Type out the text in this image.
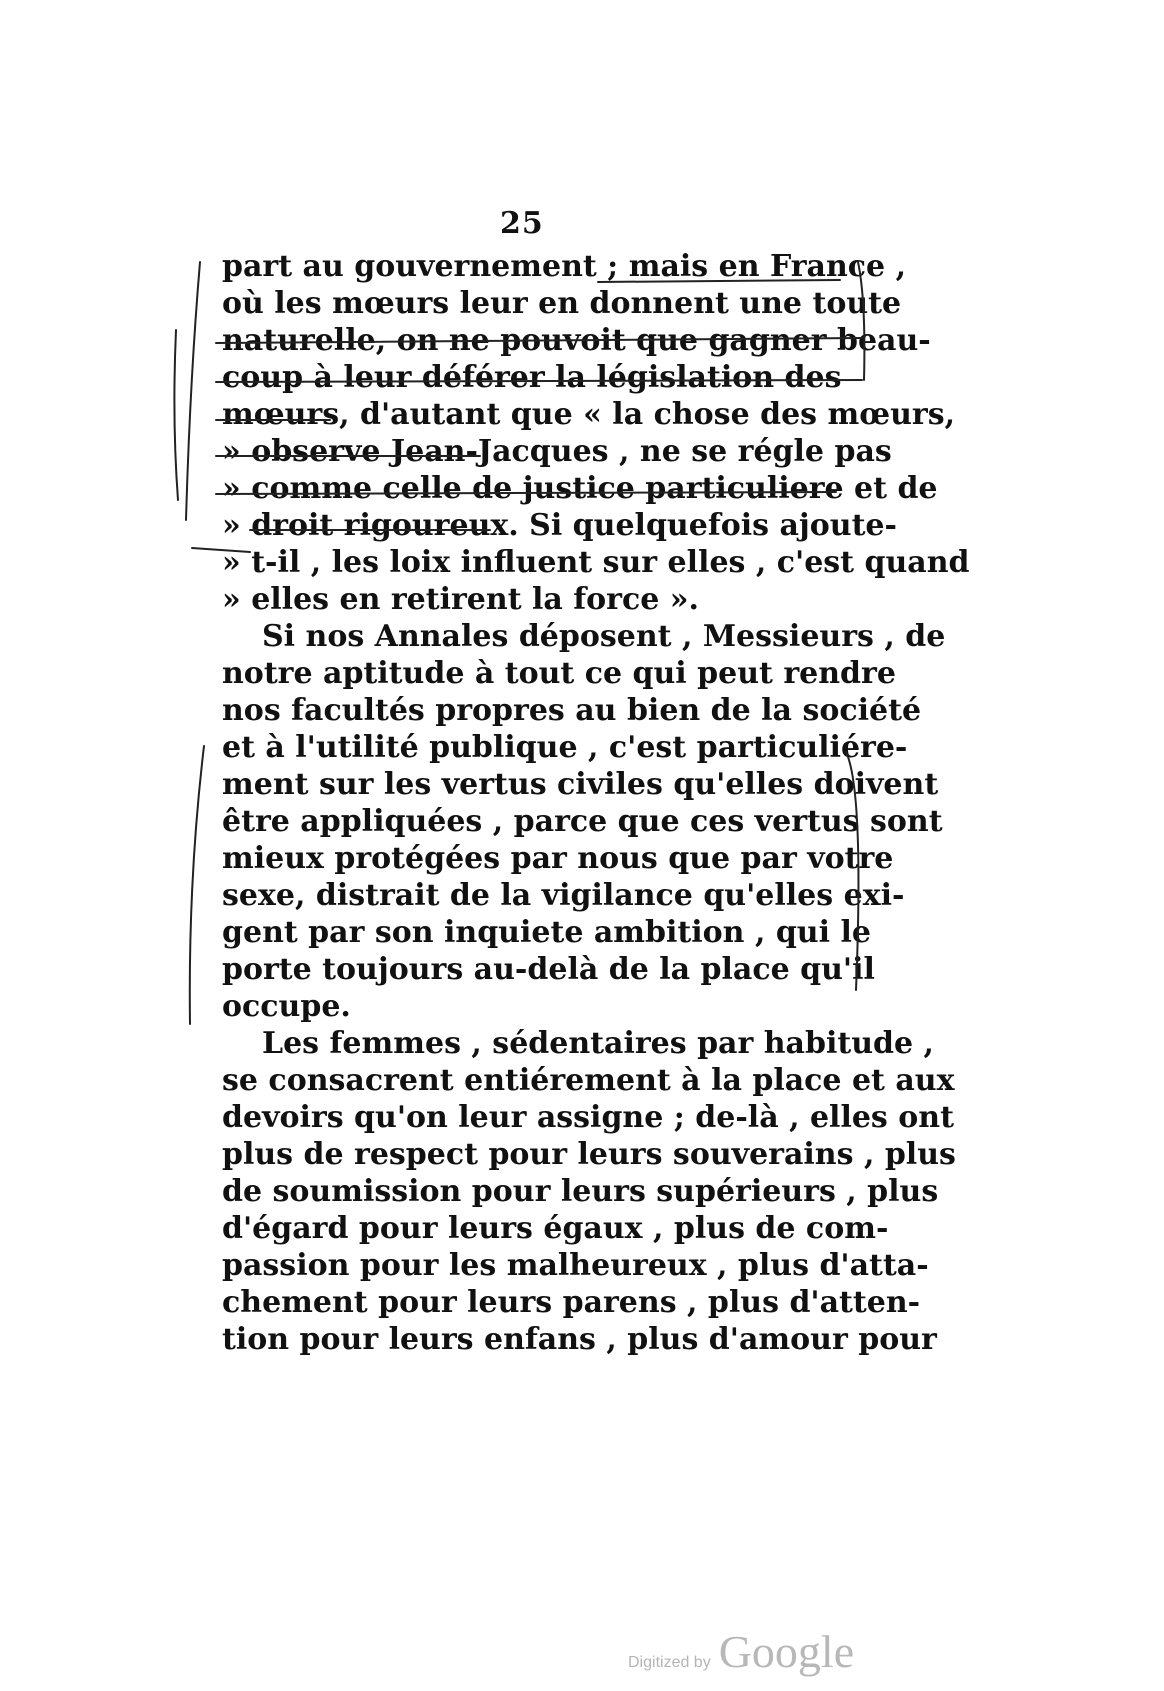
25
part au gouvernement ; mais en France ,
où les mœurs leur en donnent une toute
naturelle, on ne pouvoit que gagner beau-
coup à leur déférer la législation des
mœurs, d'autant que « la chose des mœurs,
» observe Jean-Jacques , ne se régle pas
» comme celle de justice particuliere et de
» droit rigoureux. Si quelquefois ajoute-
» t-il , les loix influent sur elles , c'est quand
» elles en retirent la force ».
Si nos Annales déposent , Messieurs , de
notre aptitude à tout ce qui peut rendre
nos facultés propres au bien de la société
et à l'utilité publique , c'est particuliére-
ment sur les vertus civiles qu'elles doivent
être appliquées , parce que ces vertus sont
mieux protégées par nous que par votre
sexe, distrait de la vigilance qu'elles exi-
gent par son inquiete ambition , qui le
porte toujours au-delà de la place qu'il
occupe.
Les femmes , sédentaires par habitude ,
se consacrent entiérement à la place et aux
devoirs qu'on leur assigne ; de-là , elles ont
plus de respect pour leurs souverains , plus
de soumission pour leurs supérieurs , plus
d'égard pour leurs égaux , plus de com-
passion pour les malheureux , plus d'atta-
chement pour leurs parens , plus d'atten-
tion pour leurs enfans , plus d'amour pour
Digitized by Google
